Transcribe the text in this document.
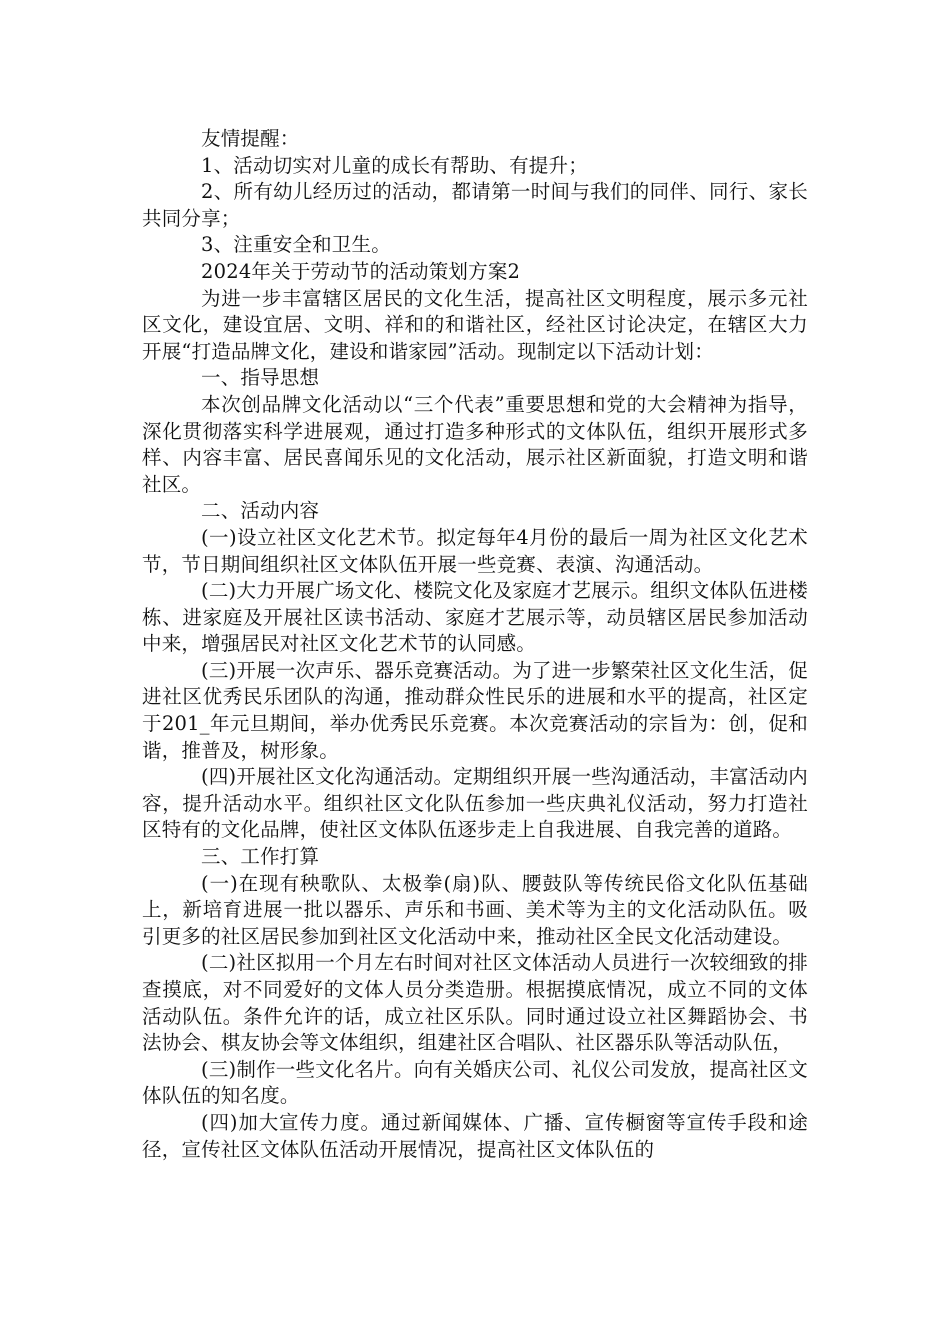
友情提醒：

1、活动切实对儿童的成长有帮助、有提升；

2、所有幼儿经历过的活动，都请第一时间与我们的同伴、同行、家长共同分享；

3、注重安全和卫生。

2024年关于劳动节的活动策划方案2

为进一步丰富辖区居民的文化生活，提高社区文明程度，展示多元社区文化，建设宜居、文明、祥和的和谐社区，经社区讨论决定，在辖区大力开展“打造品牌文化，建设和谐家园”活动。现制定以下活动计划：

一、指导思想

本次创品牌文化活动以“三个代表”重要思想和党的大会精神为指导，深化贯彻落实科学进展观，通过打造多种形式的文体队伍，组织开展形式多样、内容丰富、居民喜闻乐见的文化活动，展示社区新面貌，打造文明和谐社区。

二、活动内容

(一)设立社区文化艺术节。拟定每年4月份的最后一周为社区文化艺术节，节日期间组织社区文体队伍开展一些竞赛、表演、沟通活动。

(二)大力开展广场文化、楼院文化及家庭才艺展示。组织文体队伍进楼栋、进家庭及开展社区读书活动、家庭才艺展示等，动员辖区居民参加活动中来，增强居民对社区文化艺术节的认同感。

(三)开展一次声乐、器乐竞赛活动。为了进一步繁荣社区文化生活，促进社区优秀民乐团队的沟通，推动群众性民乐的进展和水平的提高，社区定于201_年元旦期间，举办优秀民乐竞赛。本次竞赛活动的宗旨为：创，促和谐，推普及，树形象。

(四)开展社区文化沟通活动。定期组织开展一些沟通活动，丰富活动内容，提升活动水平。组织社区文化队伍参加一些庆典礼仪活动，努力打造社区特有的文化品牌，使社区文体队伍逐步走上自我进展、自我完善的道路。

三、工作打算

(一)在现有秧歌队、太极拳(扇)队、腰鼓队等传统民俗文化队伍基础上，新培育进展一批以器乐、声乐和书画、美术等为主的文化活动队伍。吸引更多的社区居民参加到社区文化活动中来，推动社区全民文化活动建设。

(二)社区拟用一个月左右时间对社区文体活动人员进行一次较细致的排查摸底，对不同爱好的文体人员分类造册。根据摸底情况，成立不同的文体活动队伍。条件允许的话，成立社区乐队。同时通过设立社区舞蹈协会、书法协会、棋友协会等文体组织，组建社区合唱队、社区器乐队等活动队伍，

(三)制作一些文化名片。向有关婚庆公司、礼仪公司发放，提高社区文体队伍的知名度。

(四)加大宣传力度。通过新闻媒体、广播、宣传橱窗等宣传手段和途径，宣传社区文体队伍活动开展情况，提高社区文体队伍的
